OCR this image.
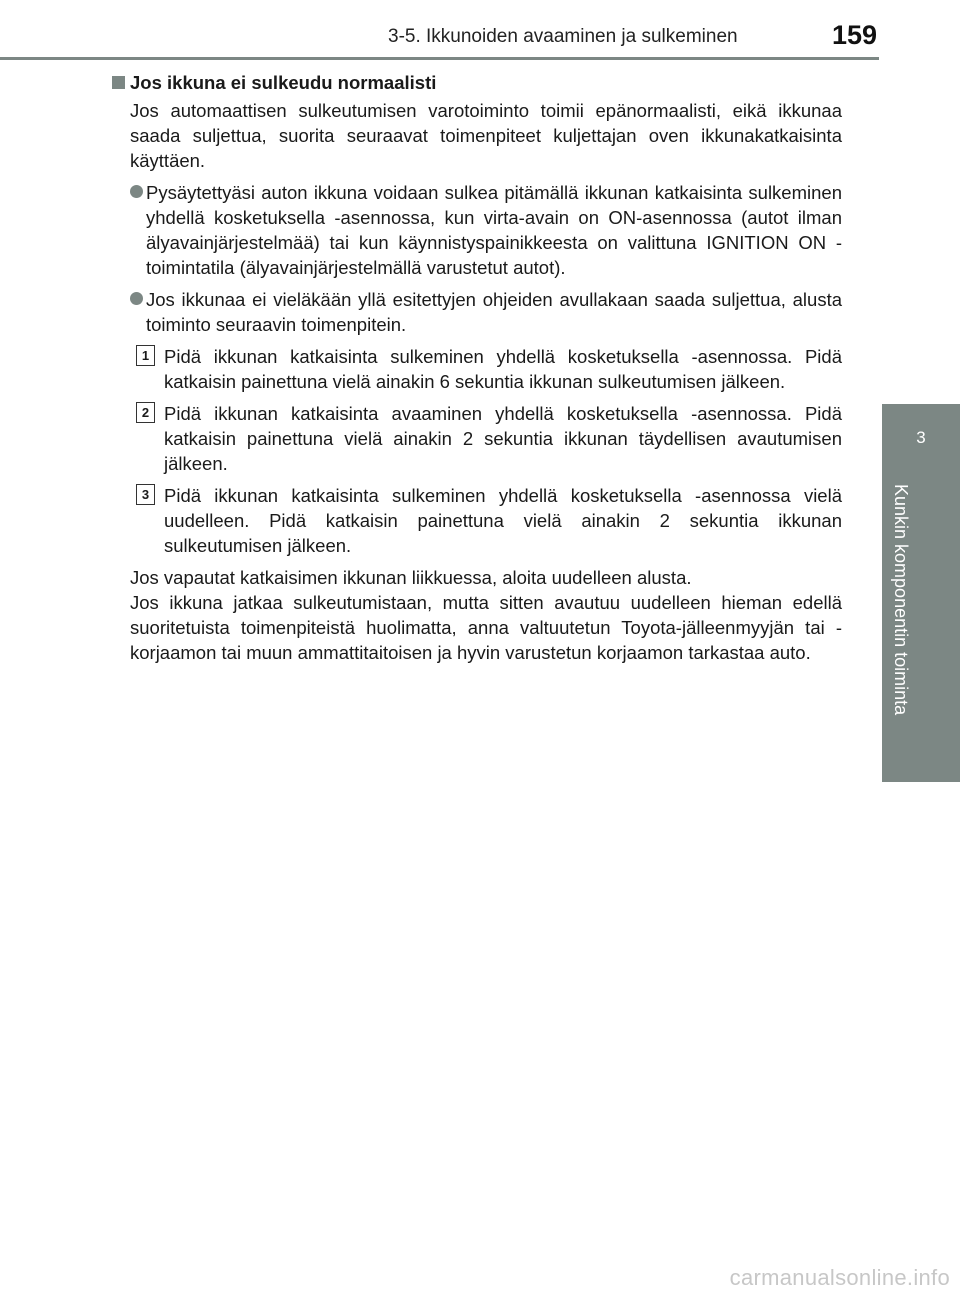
3-5. Ikkunoiden avaaminen ja sulkeminen	159
3
Kunkin komponentin toiminta
Jos ikkuna ei sulkeudu normaalisti
Jos automaattisen sulkeutumisen varotoiminto toimii epänormaalisti, eikä ikkunaa saada suljettua, suorita seuraavat toimenpiteet kuljettajan oven ikkunakatkaisinta käyttäen.
Pysäytettyäsi auton ikkuna voidaan sulkea pitämällä ikkunan katkaisinta sulkeminen yhdellä kosketuksella -asennossa, kun virta-avain on ON-asennossa (autot ilman älyavainjärjestelmää) tai kun käynnistyspainikkeesta on valittuna IGNITION ON -toimintatila (älyavainjärjestelmällä varustetut autot).
Jos ikkunaa ei vieläkään yllä esitettyjen ohjeiden avullakaan saada suljettua, alusta toiminto seuraavin toimenpitein.
1 Pidä ikkunan katkaisinta sulkeminen yhdellä kosketuksella -asennossa. Pidä katkaisin painettuna vielä ainakin 6 sekuntia ikkunan sulkeutumisen jälkeen.
2 Pidä ikkunan katkaisinta avaaminen yhdellä kosketuksella -asennossa. Pidä katkaisin painettuna vielä ainakin 2 sekuntia ikkunan täydellisen avautumisen jälkeen.
3 Pidä ikkunan katkaisinta sulkeminen yhdellä kosketuksella -asennossa vielä uudelleen. Pidä katkaisin painettuna vielä ainakin 2 sekuntia ikkunan sulkeutumisen jälkeen.
Jos vapautat katkaisimen ikkunan liikkuessa, aloita uudelleen alusta.
Jos ikkuna jatkaa sulkeutumistaan, mutta sitten avautuu uudelleen hieman edellä suoritetuista toimenpiteistä huolimatta, anna valtuutetun Toyota-jälleenmyyjän tai -korjaamon tai muun ammattitaitoisen ja hyvin varustetun korjaamon tarkastaa auto.
carmanualsonline.info
